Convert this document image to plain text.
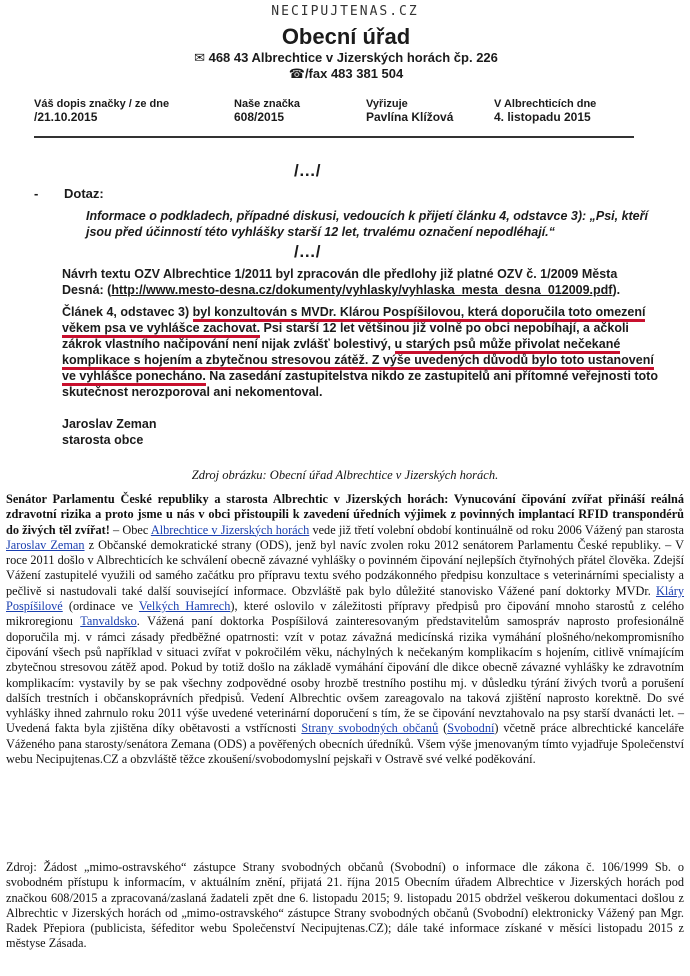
NECIPUJTENAS.CZ
Obecní úřad
✉ 468 43 Albrechtice v Jizerských horách čp. 226
☎/fax 483 381 504
Váš dopis značky / ze dne
/21.10.2015
Naše značka
608/2015
Vyřizuje
Pavlína Klížová
V Albrechticích dne
4. listopadu 2015
/…/
- Dotaz:
Informace o podkladech, případné diskusi, vedoucích k přijetí článku 4, odstavce 3): „Psi, kteří jsou před účinností této vyhlášky starší 12 let, trvalému označení nepodléhají.“
/…/

Návrh textu OZV Albrechtice 1/2011 byl zpracován dle předlohy již platné OZV č. 1/2009 Města Desná: (http://www.mesto-desna.cz/dokumenty/vyhlasky/vyhlaska_mesta_desna_012009.pdf).

Článek 4, odstavec 3) byl konzultován s MVDr. Klárou Pospíšilovou, která doporučila toto omezení věkem psa ve vyhlášce zachovat. Psi starší 12 let většinou již volně po obci nepobíhají, a ačkoli zákrok vlastního načipování není nijak zvlášť bolestivý, u starých psů může přivolat nečekané komplikace s hojením a zbytečnou stresovou zátěž. Z výše uvedených důvodů bylo toto ustanovení ve vyhlášce ponecháno. Na zasedání zastupitelstva nikdo ze zastupitelů ani přítomné veřejnosti toto skutečnost nerozporoval ani nekomentoval.

Jaroslav Zeman
starosta obce
Zdroj obrázku: Obecní úřad Albrechtice v Jizerských horách.
Senátor Parlamentu České republiky a starosta Albrechtic v Jizerských horách: Vynucování čipování zvířat přináší reálná zdravotní rizika a proto jsme u nás v obci přistoupili k zavedení úředních výjimek z povinných implantací RFID transpondérů do živých těl zvířat! – Obec Albrechtice v Jizerských horách vede již třetí volební období kontinuálně od roku 2006 Vážený pan starosta Jaroslav Zeman z Občanské demokratické strany (ODS), jenž byl navíc zvolen roku 2012 senátorem Parlamentu České republiky. – V roce 2011 došlo v Albrechticích ke schválení obecně závazné vyhlášky o povinném čipování nejlepších čtyřnohých přátel člověka. Zdejší Vážení zastupitelé využili od samého začátku pro přípravu textu svého podzákonného předpisu konzultace s veterinárními specialisty a pečlivě si nastudovali také další související informace. Obzvláště pak bylo důležité stanovisko Vážené paní doktorky MVDr. Kláry Pospíšilové (ordinace ve Velkých Hamrech), které oslovilo v záležitosti přípravy předpisů pro čipování mnoho starostů z celého mikroregionu Tanvaldsko. Vážená paní doktorka Pospíšilová zainteresovaným představitelům samospráv naprosto profesionálně doporučila mj. v rámci zásady předběžné opatrnosti: vzít v potaz závažná medicínská rizika vymáhání plošného/nekompromisního čipování všech psů například v situaci zvířat v pokročilém věku, náchylných k nečekaným komplikacím s hojením, citlivě vnímajícím zbytečnou stresovou zátěž apod. Pokud by totiž došlo na základě vymáhání čipování dle dikce obecně závazné vyhlášky ke zdravotním komplikacím: vystavily by se pak všechny zodpovědné osoby hrozbě trestního postihu mj. v důsledku týrání živých tvorů a porušení dalších trestních i občanskoprávních předpisů. Vedení Albrechtic ovšem zareagovalo na taková zjištění naprosto korektně. Do své vyhlášky ihned zahrnulo roku 2011 výše uvedené veterinární doporučení s tím, že se čipování nevztahovalo na psy starší dvanácti let. – Uvedená fakta byla zjištěna díky obětavosti a vstřícnosti Strany svobodných občanů (Svobodní) včetně práce albrechtické kanceláře Váženého pana starosty/senátora Zemana (ODS) a pověřených obecních úředníků. Všem výše jmenovaným tímto vyjadřuje Společenství webu Necipujtenas.CZ a obzvláště těžce zkoušení/svobodomyslní pejskaři v Ostravě své velké poděkování.
Zdroj: Žádost „mimo-ostravského“ zástupce Strany svobodných občanů (Svobodní) o informace dle zákona č. 106/1999 Sb. o svobodném přístupu k informacím, v aktuálním znění, přijatá 21. října 2015 Obecním úřadem Albrechtice v Jizerských horách pod značkou 608/2015 a zpracovaná/zaslaná žadateli zpět dne 6. listopadu 2015; 9. listopadu 2015 obdržel veškerou dokumentaci došlou z Albrechtic v Jizerských horách od „mimo-ostravského“ zástupce Strany svobodných občanů (Svobodní) elektronicky Vážený pan Mgr. Radek Přepiora (publicista, šéfeditor webu Společenství Necipujtenas.CZ); dále také informace získané v měsíci listopadu 2015 z městyse Zásada.
